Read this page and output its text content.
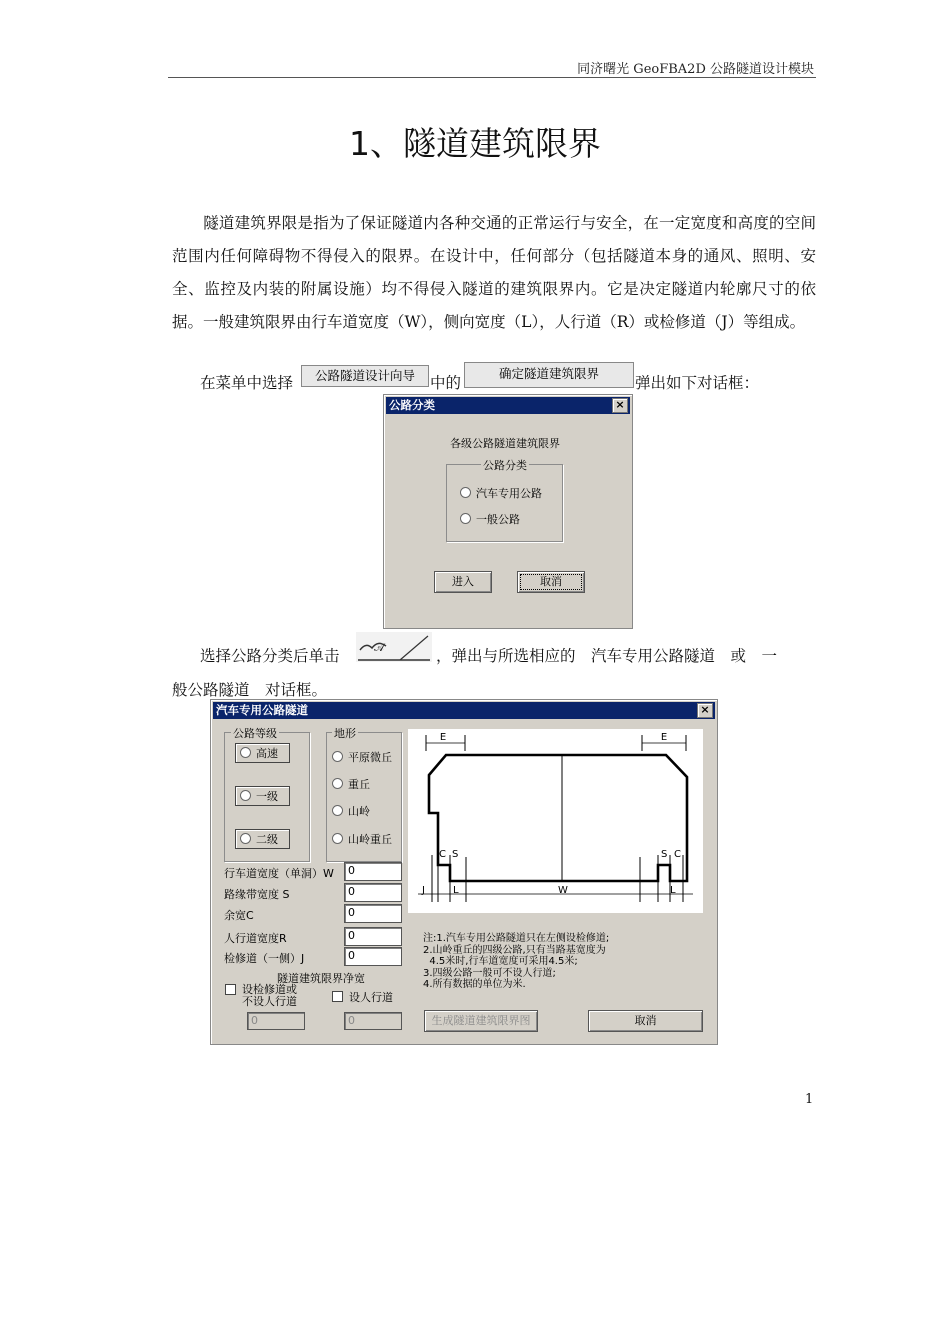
同济曙光 GeoFBA2D 公路隧道设计模块
1、隧道建筑限界
隧道建筑界限是指为了保证隧道内各种交通的正常运行与安全，在一定宽度和高度的空间范围内任何障碍物不得侵入的限界。在设计中，任何部分（包括隧道本身的通风、照明、安全、监控及内装的附属设施）均不得侵入隧道的建筑限界内。它是决定隧道内轮廓尺寸的依据。一般建筑限界由行车道宽度（W），侧向宽度（L），人行道（R）或检修道（J）等组成。
在菜单中选择	公路隧道设计向导 中的
确定隧道建筑限界
弹出如下对话框：
公路分类	×
各级公路隧道建筑限界
公路分类
汽车专用公路
一般公路
进入	取消
选择公路分类后单击	𝒜	，弹出与所选相应的　汽车专用公路隧道　或　一
般公路隧道　对话框。
汽车专用公路隧道	×
公路等级
高速
一级
二级
地形
平原微丘
重丘
山岭
山岭重丘
E	E
C S	S C
J	L	W	L
行车道宽度（单洞）W	0
路缘带宽度 S	0
余宽C	0
人行道宽度R	0
检修道（一侧）J	0
隧道建筑限界净宽
设检修道或
不设人行道	设人行道
0	0
注:1.汽车专用公路隧道只在左侧设检修道;
2.山岭重丘的四级公路,只有当路基宽度为
4.5米时,行车道宽度可采用4.5米;
3.四级公路一般可不设人行道;
4.所有数据的单位为米.
生成隧道建筑限界图	取消
1
